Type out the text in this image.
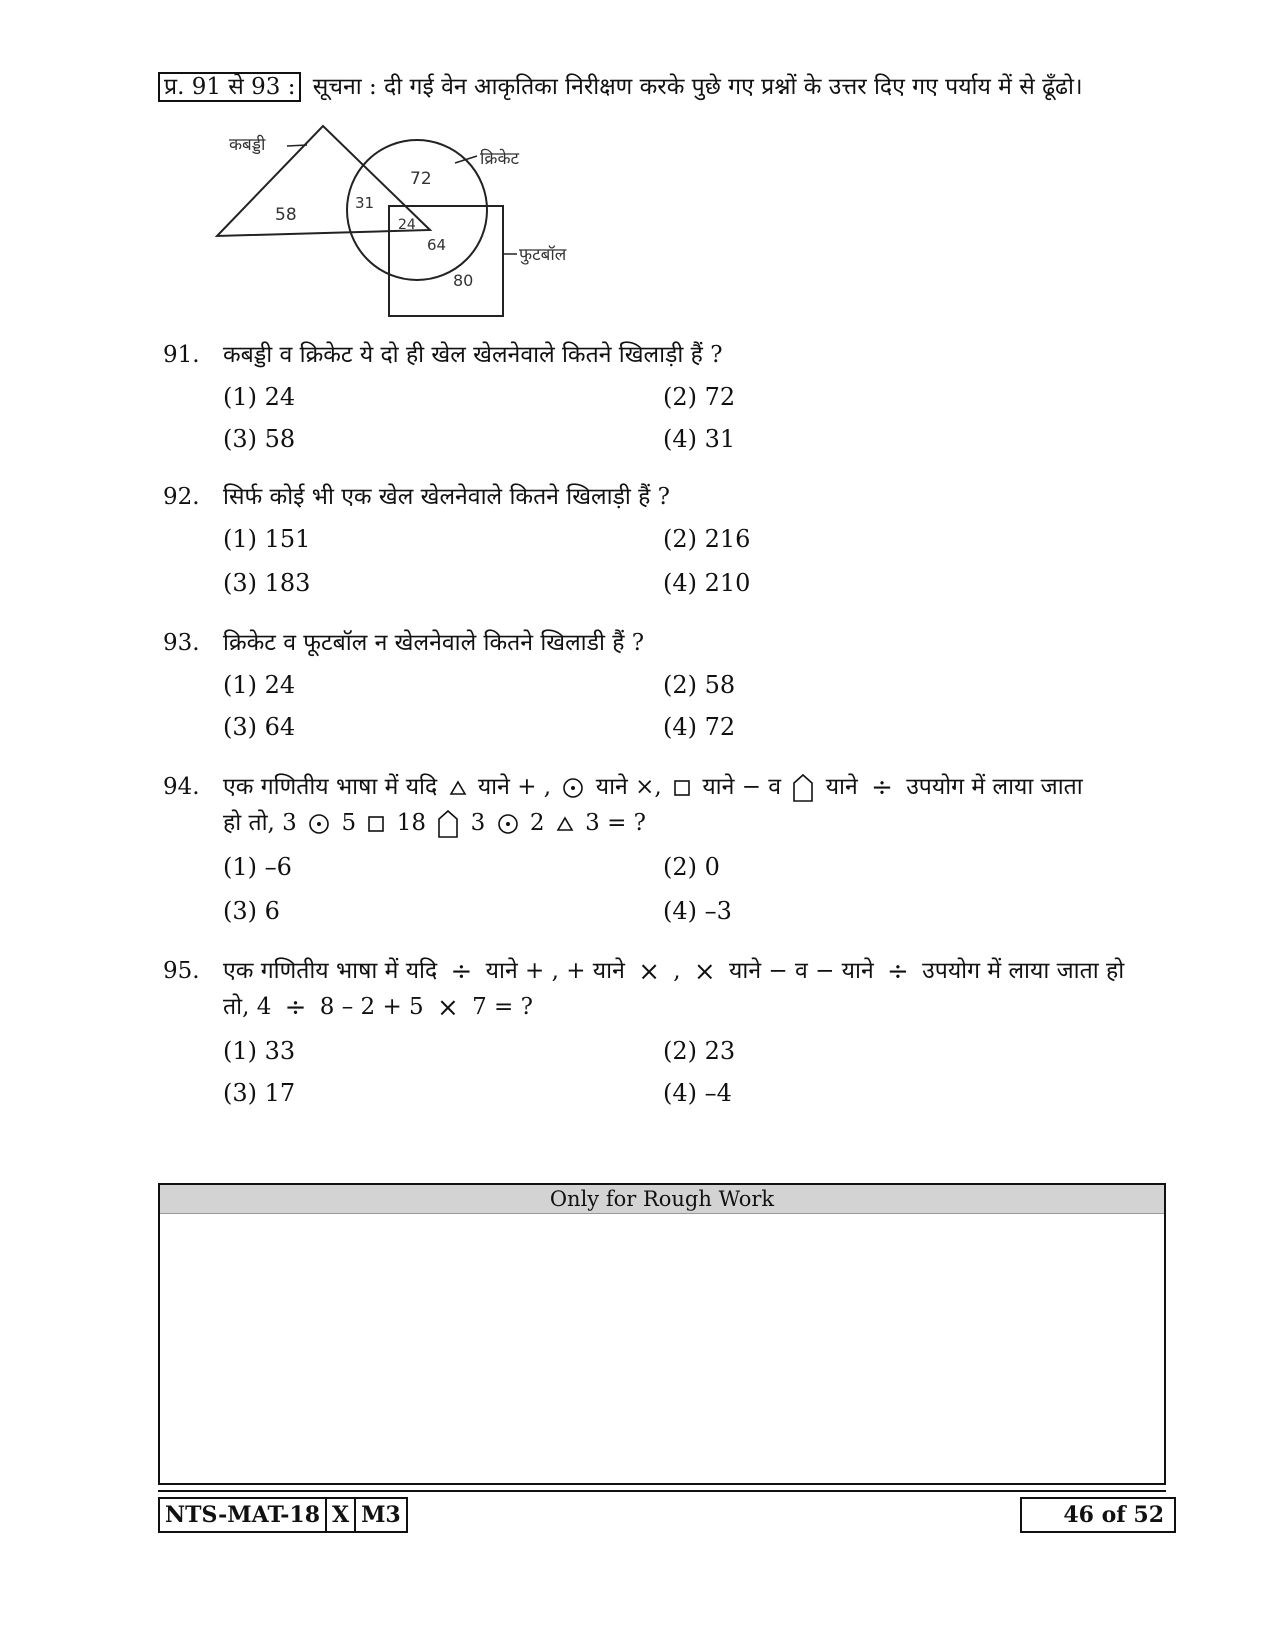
प्र. 91 से 93 : सूचना : दी गई वेन आकृतिका निरीक्षण करके पुछे गए प्रश्नों के उत्तर दिए गए पर्याय में से ढूँढो।
कबड्डी
क्रिकेट
फुटबॉल
58
31
72
24
64
80
91. कबड्डी व क्रिकेट ये दो ही खेल खेलनेवाले कितने खिलाड़ी हैं ?
(1) 24	(2) 72
(3) 58	(4) 31
92. सिर्फ कोई भी एक खेल खेलनेवाले कितने खिलाड़ी हैं ?
(1) 151	(2) 216
(3) 183	(4) 210
93. क्रिकेट व फूटबॉल न खेलनेवाले कितने खिलाडी हैं ?
(1) 24	(2) 58
(3) 64	(4) 72
94. एक गणितीय भाषा में यदि याने + , याने ×, याने − व याने ÷ उपयोग में लाया जाता
हो तो, 3 5 18 3 2 3 = ?
(1) –6	(2) 0
(3) 6	(4) –3
95. एक गणितीय भाषा में यदि ÷ याने + , + याने × , × याने − व − याने ÷ उपयोग में लाया जाता हो
तो, 4 ÷ 8 – 2 + 5 × 7 = ?
(1) 33	(2) 23
(3) 17	(4) –4
Only for Rough Work
NTS-MAT-18 X M3	46 of 52
